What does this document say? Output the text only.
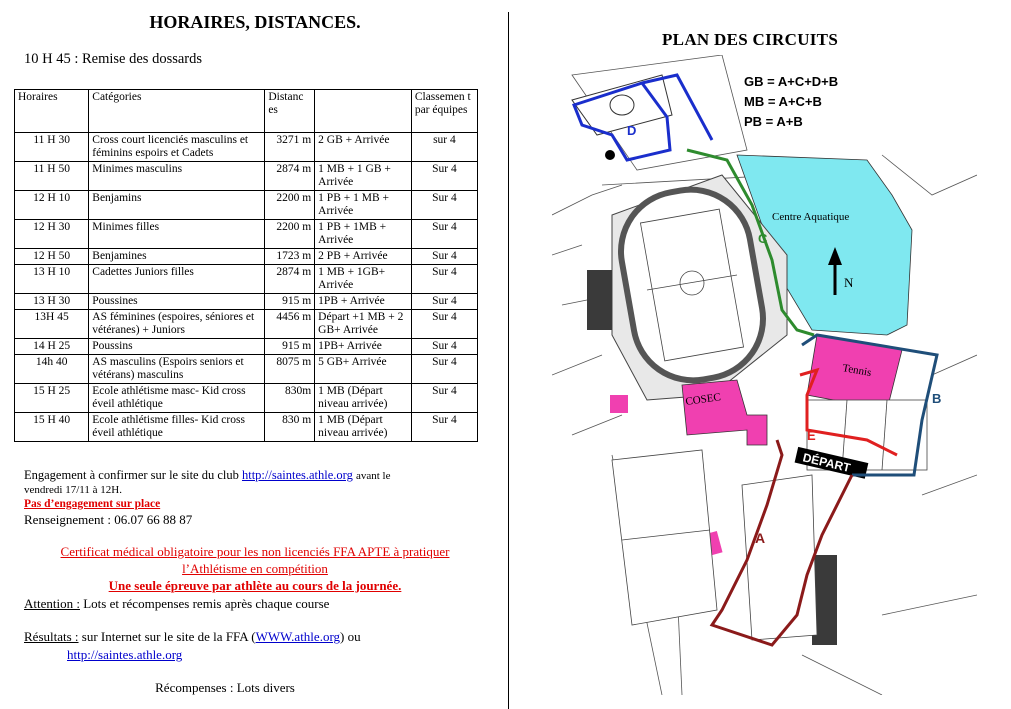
HORAIRES, DISTANCES.
10 H 45 : Remise des dossards
Horaires	Catégories	Distanc es		Classemen t par équipes
11 H 30	Cross court licenciés masculins et féminins espoirs et Cadets	3271 m	2 GB + Arrivée	sur 4
11 H 50	Minimes masculins	2874 m	1 MB + 1 GB + Arrivée	Sur 4
12 H 10	Benjamins	2200 m	1 PB + 1 MB + Arrivée	Sur 4
12 H 30	Minimes filles	2200 m	1 PB + 1MB + Arrivée	Sur 4
12 H 50	Benjamines	1723 m	2 PB + Arrivée	Sur 4
13 H 10	Cadettes Juniors filles	2874 m	1 MB + 1GB+ Arrivée	Sur 4
13 H 30	Poussines	915 m	1PB + Arrivée	Sur 4
13H 45	AS féminines (espoires, séniores et vétéranes) + Juniors	4456 m	Départ +1 MB + 2 GB+ Arrivée	Sur 4
14 H 25	Poussins	915 m	1PB+ Arrivée	Sur 4
14h 40	AS masculins (Espoirs seniors et vétérans) masculins	8075 m	5 GB+ Arrivée	Sur 4
15 H 25	Ecole athlétisme masc- Kid cross éveil athlétique	830m	1 MB (Départ niveau arrivée)	Sur 4
15 H 40	Ecole athlétisme filles- Kid cross éveil athlétique	830 m	1 MB (Départ niveau arrivée)	Sur 4
Engagement à confirmer sur le site du club http://saintes.athle.org avant le
vendredi 17/11 à 12H.
Pas d’engagement sur place
Renseignement : 06.07 66 88 87
Certificat médical obligatoire pour les non licenciés FFA APTE à pratiquer
l’Athlétisme en compétition
Une seule épreuve par athlète au cours de la journée.
Attention : Lots et récompenses remis après chaque course
Résultats : sur Internet sur le site de la FFA (WWW.athle.org) ou
http://saintes.athle.org
Récompenses : Lots divers
PLAN DES CIRCUITS
GB = A+C+D+B
MB = A+C+B
PB = A+B
Centre Aquatique
N
Tennis
COSEC
DÉPART
D
C
B
E
A
